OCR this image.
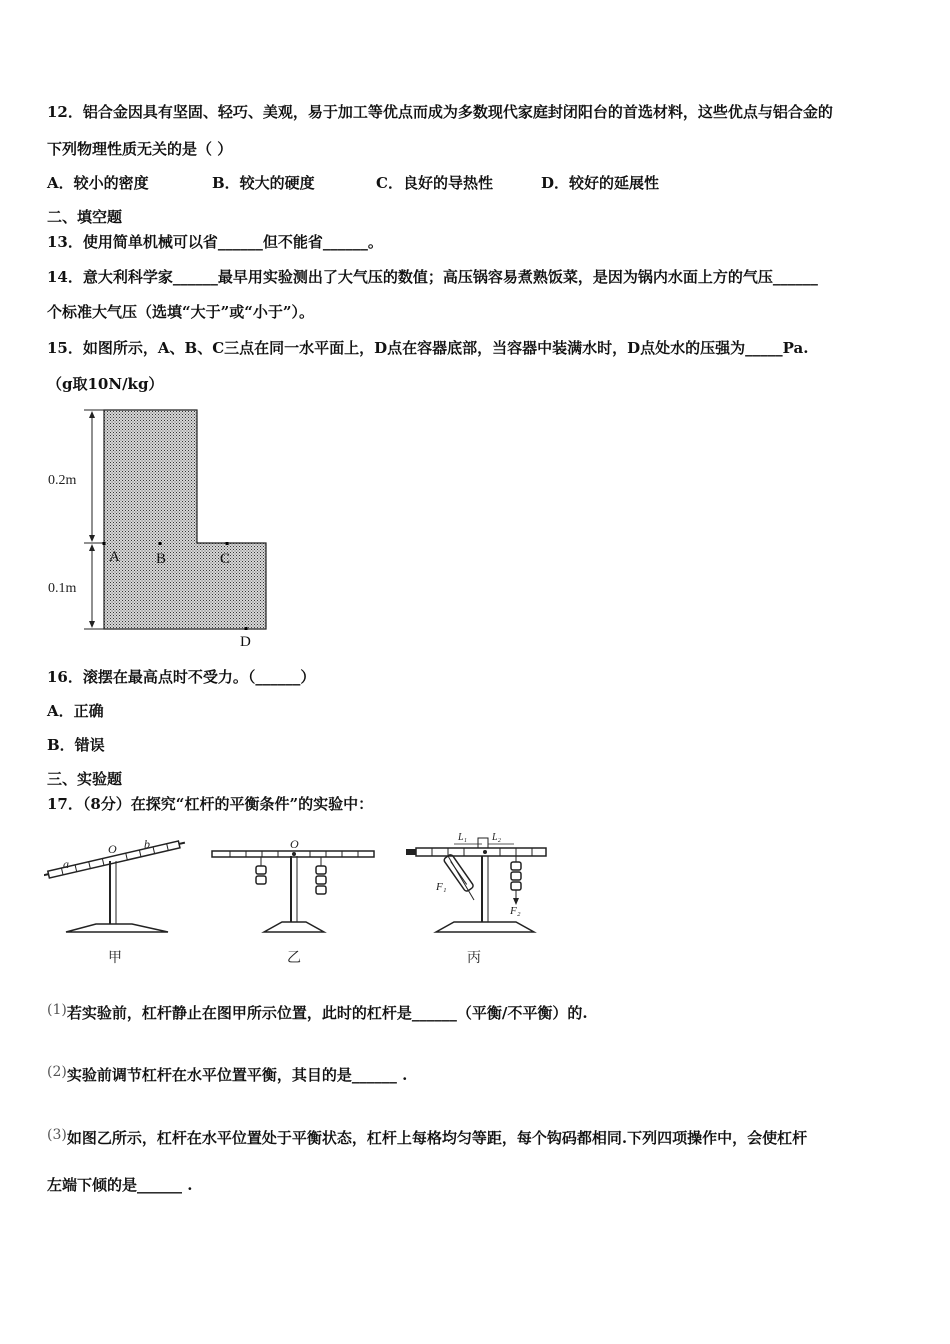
12．铝合金因具有坚固、轻巧、美观，易于加工等优点而成为多数现代家庭封闭阳台的首选材料，这些优点与铝合金的
下列物理性质无关的是（ ）
A．较小的密度	B．较大的硬度	C．良好的导热性	D．较好的延展性
二、填空题
13．使用简单机械可以省______但不能省______。
14．意大利科学家______最早用实验测出了大气压的数值；高压锅容易煮熟饭菜，是因为锅内水面上方的气压______
个标准大气压（选填“大于”或“小于”）。
15．如图所示，A、B、C三点在同一水平面上，D点在容器底部，当容器中装满水时，D点处水的压强为_____Pa.
（g取10N/kg）
0.2m
0.1m
A B	C
D
16．滚摆在最高点时不受力。（______）
A．正确
B．错误
三、实验题
17．（8分）在探究“杠杆的平衡条件”的实验中：
a
O b	O	L₁ L₂
F₁
F₂
甲	乙	丙
(1)若实验前，杠杆静止在图甲所示位置，此时的杠杆是______（平衡/不平衡）的.
(2)实验前调节杠杆在水平位置平衡，其目的是______ .
(3)如图乙所示，杠杆在水平位置处于平衡状态，杠杆上每格均匀等距，每个钩码都相同.下列四项操作中，会使杠杆
左端下倾的是______ .
